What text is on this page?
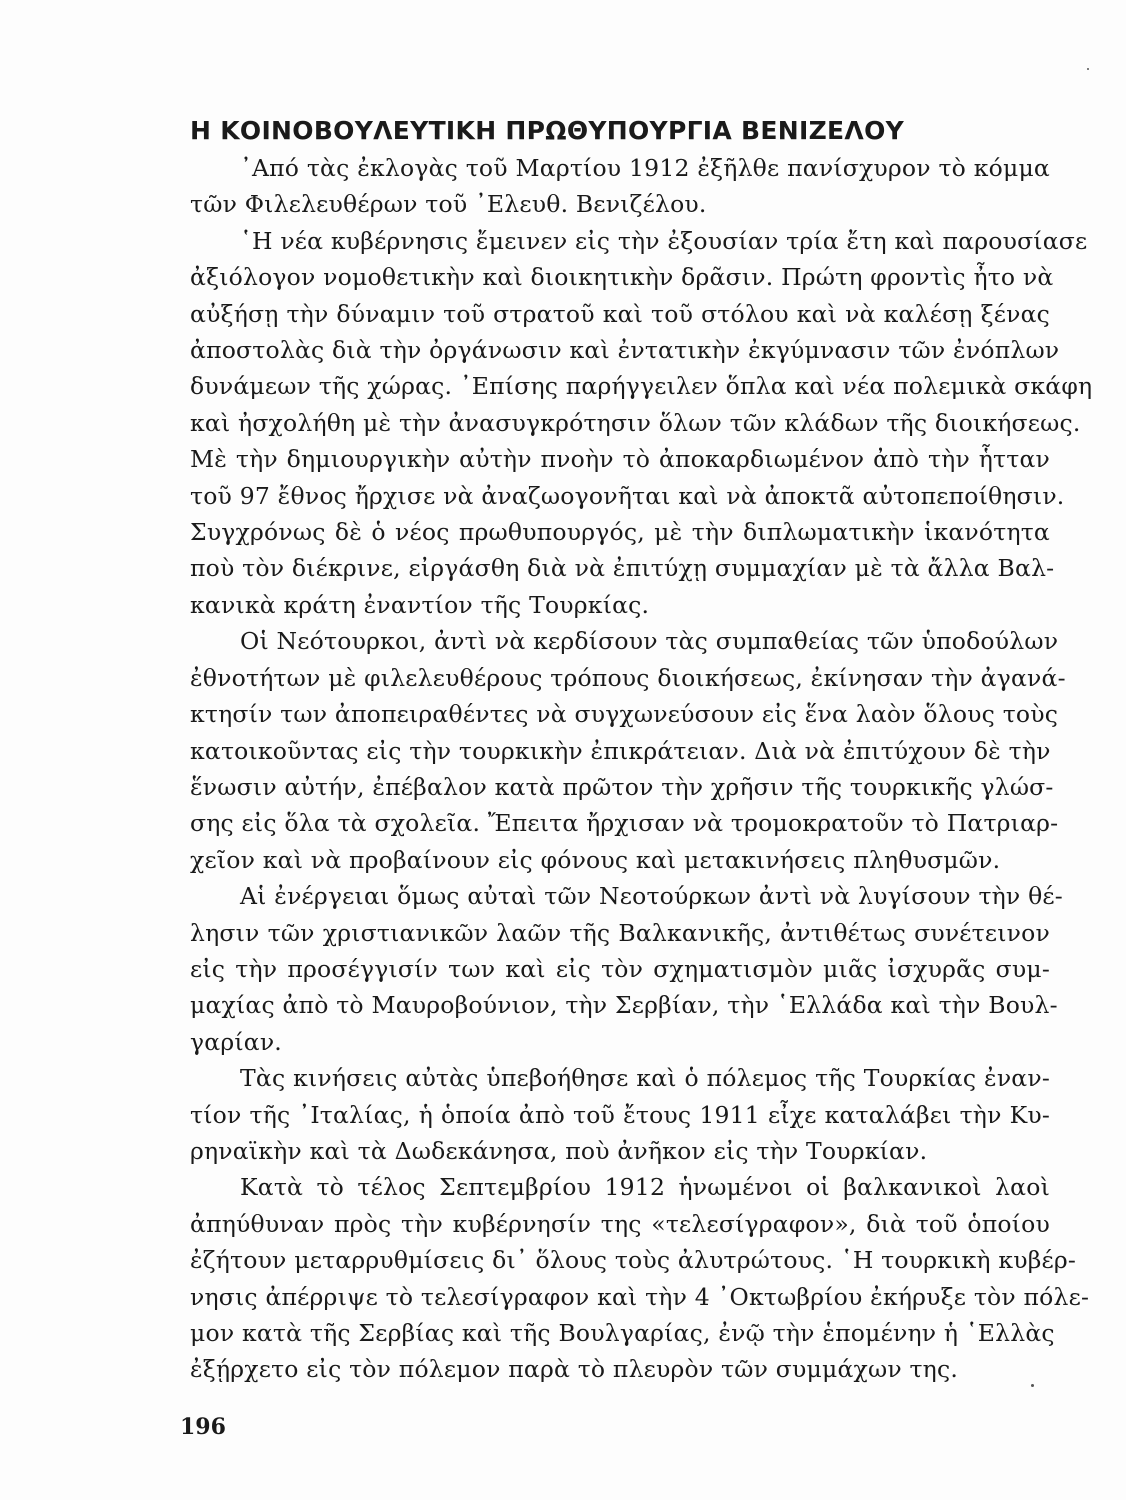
Η ΚΟΙΝΟΒΟΥΛΕΥΤΙΚΗ ΠΡΩΘΥΠΟΥΡΓΙΑ ΒΕΝΙΖΕΛΟΥ

᾿Από τὰς ἐκλογὰς τοῦ Μαρτίου 1912 ἐξῆλθε πανίσχυρον τὸ κόμμα
τῶν Φιλελευθέρων τοῦ ᾿Ελευθ. Βενιζέλου.

῾Η νέα κυβέρνησις ἔμεινεν εἰς τὴν ἐξουσίαν τρία ἔτη καὶ παρουσίασε
ἀξιόλογον νομοθετικὴν καὶ διοικητικὴν δρᾶσιν. Πρώτη φροντὶς ἦτο νὰ
αὐξήσῃ τὴν δύναμιν τοῦ στρατοῦ καὶ τοῦ στόλου καὶ νὰ καλέσῃ ξένας
ἀποστολὰς διὰ τὴν ὀργάνωσιν καὶ ἐντατικὴν ἐκγύμνασιν τῶν ἐνόπλων
δυνάμεων τῆς χώρας. ᾿Επίσης παρήγγειλεν ὅπλα καὶ νέα πολεμικὰ σκάφη
καὶ ἠσχολήθη μὲ τὴν ἀνασυγκρότησιν ὅλων τῶν κλάδων τῆς διοικήσεως.
Μὲ τὴν δημιουργικὴν αὐτὴν πνοὴν τὸ ἀποκαρδιωμένον ἀπὸ τὴν ἧτταν
τοῦ 97 ἔθνος ἤρχισε νὰ ἀναζωογονῆται καὶ νὰ ἀποκτᾶ αὐτοπεποίθησιν.
Συγχρόνως δὲ ὁ νέος πρωθυπουργός, μὲ τὴν διπλωματικὴν ἱκανότητα
ποὺ τὸν διέκρινε, εἰργάσθη διὰ νὰ ἐπιτύχῃ συμμαχίαν μὲ τὰ ἄλλα Βαλ-
κανικὰ κράτη ἐναντίον τῆς Τουρκίας.

Οἱ Νεότουρκοι, ἀντὶ νὰ κερδίσουν τὰς συμπαθείας τῶν ὑποδούλων
ἐθνοτήτων μὲ φιλελευθέρους τρόπους διοικήσεως, ἐκίνησαν τὴν ἀγανά-
κτησίν των ἀποπειραθέντες νὰ συγχωνεύσουν εἰς ἕνα λαὸν ὅλους τοὺς
κατοικοῦντας εἰς τὴν τουρκικὴν ἐπικράτειαν. Διὰ νὰ ἐπιτύχουν δὲ τὴν
ἕνωσιν αὐτήν, ἐπέβαλον κατὰ πρῶτον τὴν χρῆσιν τῆς τουρκικῆς γλώσ-
σης εἰς ὅλα τὰ σχολεῖα. Ἔπειτα ἤρχισαν νὰ τρομοκρατοῦν τὸ Πατριαρ-
χεῖον καὶ νὰ προβαίνουν εἰς φόνους καὶ μετακινήσεις πληθυσμῶν.

Αἱ ἐνέργειαι ὅμως αὐταὶ τῶν Νεοτούρκων ἀντὶ νὰ λυγίσουν τὴν θέ-
λησιν τῶν χριστιανικῶν λαῶν τῆς Βαλκανικῆς, ἀντιθέτως συνέτεινον
εἰς τὴν προσέγγισίν των καὶ εἰς τὸν σχηματισμὸν μιᾶς ἰσχυρᾶς συμ-
μαχίας ἀπὸ τὸ Μαυροβούνιον, τὴν Σερβίαν, τὴν ῾Ελλάδα καὶ τὴν Βουλ-
γαρίαν.

Τὰς κινήσεις αὐτὰς ὑπεβοήθησε καὶ ὁ πόλεμος τῆς Τουρκίας ἐναν-
τίον τῆς ᾿Ιταλίας, ἡ ὁποία ἀπὸ τοῦ ἔτους 1911 εἶχε καταλάβει τὴν Κυ-
ρηναϊκὴν καὶ τὰ Δωδεκάνησα, ποὺ ἀνῆκον εἰς τὴν Τουρκίαν.

Κατὰ τὸ τέλος Σεπτεμβρίου 1912 ἡνωμένοι οἱ βαλκανικοὶ λαοὶ
ἀπηύθυναν πρὸς τὴν κυβέρνησίν της «τελεσίγραφον», διὰ τοῦ ὁποίου
ἐζήτουν μεταρρυθμίσεις δι᾿ ὅλους τοὺς ἀλυτρώτους. ῾Η τουρκικὴ κυβέρ-
νησις ἀπέρριψε τὸ τελεσίγραφον καὶ τὴν 4 ᾿Οκτωβρίου ἐκήρυξε τὸν πόλε-
μον κατὰ τῆς Σερβίας καὶ τῆς Βουλγαρίας, ἐνῷ τὴν ἑπομένην ἡ ῾Ελλὰς
ἐξῄρχετο εἰς τὸν πόλεμον παρὰ τὸ πλευρὸν τῶν συμμάχων της.

196
